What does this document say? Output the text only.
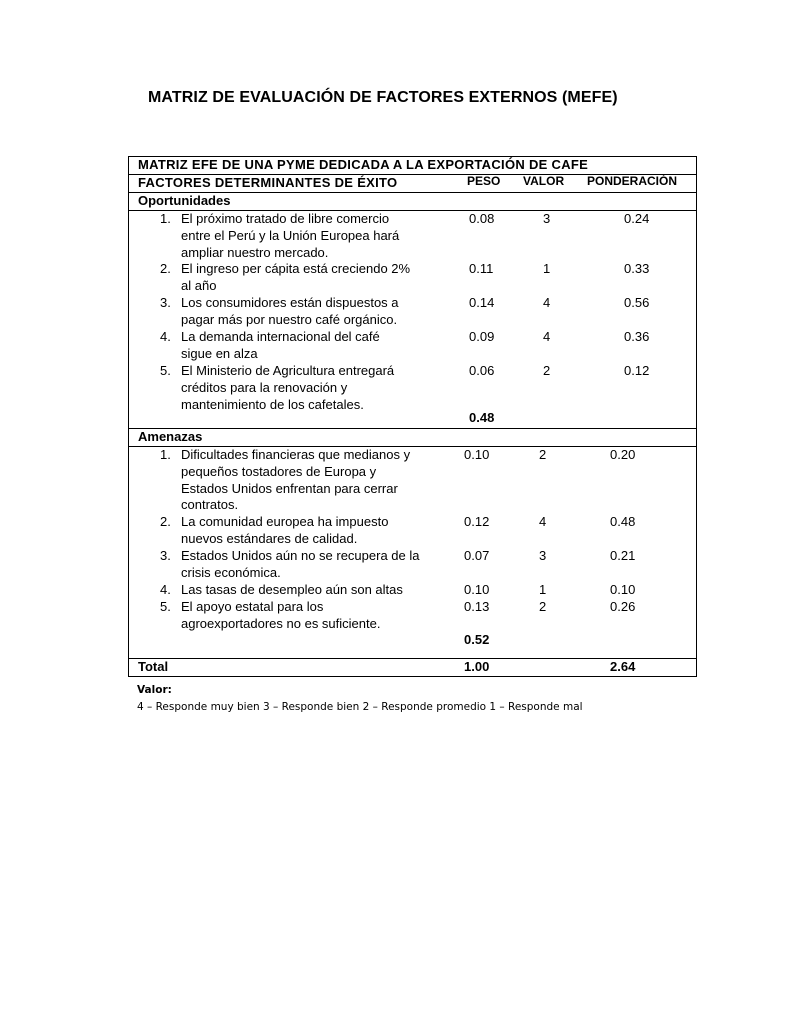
MATRIZ DE EVALUACIÓN DE FACTORES EXTERNOS (MEFE)
MATRIZ EFE DE UNA PYME DEDICADA A LA EXPORTACIÓN DE CAFE
FACTORES DETERMINANTES DE ÉXITO	PESO VALOR PONDERACIÓN
Oportunidades
1. El próximo tratado de libre comercio
entre el Perú y la Unión Europea hará
ampliar nuestro mercado.
0.08	3	0.24
2. El ingreso per cápita está creciendo 2%
al año
0.11	1	0.33
3. Los consumidores están dispuestos a
pagar más por nuestro café orgánico.
0.14	4	0.56
4. La demanda internacional del café
sigue en alza
0.09	4	0.36
5. El Ministerio de Agricultura entregará
créditos para la renovación y
mantenimiento de los cafetales.
0.06	2	0.12
0.48
Amenazas
1. Dificultades financieras que medianos y
pequeños tostadores de Europa y
Estados Unidos enfrentan para cerrar
contratos.
0.10	2	0.20
2. La comunidad europea ha impuesto
nuevos estándares de calidad.
0.12	4	0.48
3. Estados Unidos aún no se recupera de la
crisis económica.
0.07	3	0.21
4. Las tasas de desempleo aún son altas	0.10	1	0.10
5. El apoyo estatal para los
agroexportadores no es suficiente.
0.13	2	0.26
0.52
Total	1.00	2.64
Valor:
4 – Responde muy bien 3 – Responde bien 2 – Responde promedio 1 – Responde mal
